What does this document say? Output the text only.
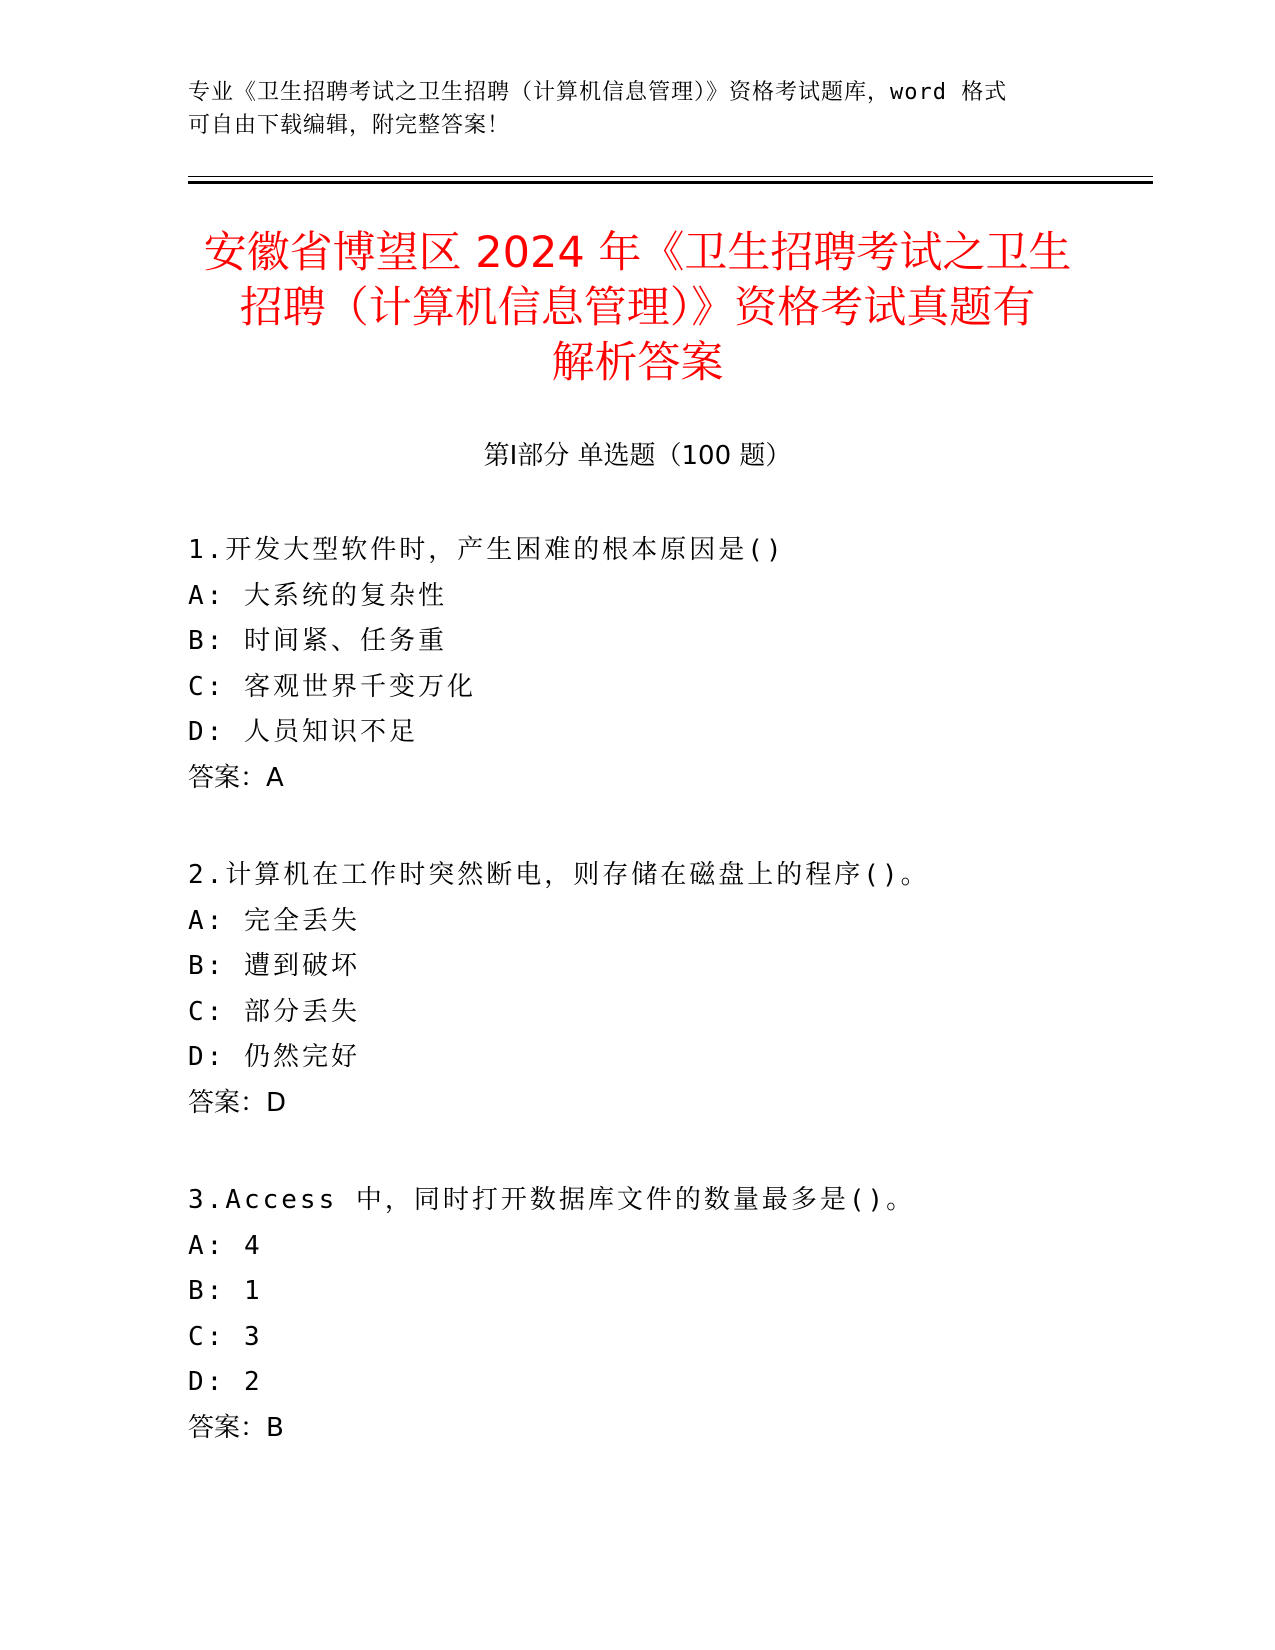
专业《卫生招聘考试之卫生招聘（计算机信息管理）》资格考试题库，word 格式
可自由下载编辑，附完整答案！
安徽省博望区 2024 年《卫生招聘考试之卫生
招聘（计算机信息管理）》资格考试真题有
解析答案
第Ⅰ部分 单选题（100 题）
1.开发大型软件时，产生困难的根本原因是()
A: 大系统的复杂性
B: 时间紧、任务重
C: 客观世界千变万化
D: 人员知识不足
答案：A
2.计算机在工作时突然断电，则存储在磁盘上的程序()。
A: 完全丢失
B: 遭到破坏
C: 部分丢失
D: 仍然完好
答案：D
3.Access 中，同时打开数据库文件的数量最多是()。
A: 4
B: 1
C: 3
D: 2
答案：B
